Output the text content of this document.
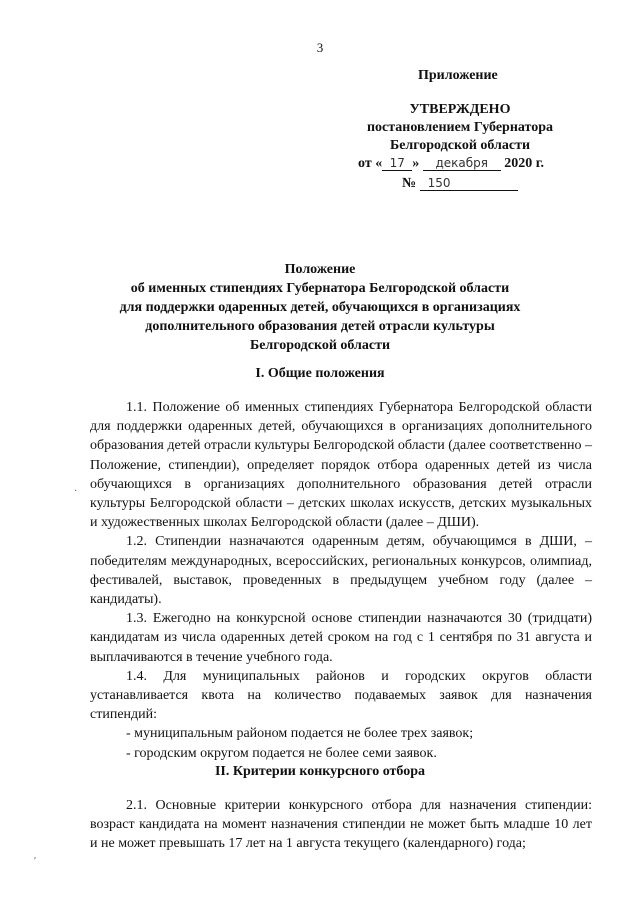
3
Приложение
УТВЕРЖДЕНО
постановлением Губернатора
Белгородской области
от « 17 » декабря 2020 г.
№ 150
Положение
об именных стипендиях Губернатора Белгородской области
для поддержки одаренных детей, обучающихся в организациях
дополнительного образования детей отрасли культуры
Белгородской области
I. Общие положения

1.1. Положение об именных стипендиях Губернатора Белгородской области для поддержки одаренных детей, обучающихся в организациях дополнительного образования детей отрасли культуры Белгородской области (далее соответственно – Положение, стипендии), определяет порядок отбора одаренных детей из числа обучающихся в организациях дополнительного образования детей отрасли культуры Белгородской области – детских школах искусств, детских музыкальных и художественных школах Белгородской области (далее – ДШИ).

1.2. Стипендии назначаются одаренным детям, обучающимся в ДШИ, – победителям международных, всероссийских, региональных конкурсов, олимпиад, фестивалей, выставок, проведенных в предыдущем учебном году (далее – кандидаты).

1.3. Ежегодно на конкурсной основе стипендии назначаются 30 (тридцати) кандидатам из числа одаренных детей сроком на год с 1 сентября по 31 августа и выплачиваются в течение учебного года.

1.4. Для муниципальных районов и городских округов области устанавливается квота на количество подаваемых заявок для назначения стипендий:

- муниципальным районом подается не более трех заявок;

- городским округом подается не более семи заявок.

II. Критерии конкурсного отбора

2.1. Основные критерии конкурсного отбора для назначения стипендии: возраст кандидата на момент назначения стипендии не может быть младше 10 лет и не может превышать 17 лет на 1 августа текущего (календарного) года;

·
′
